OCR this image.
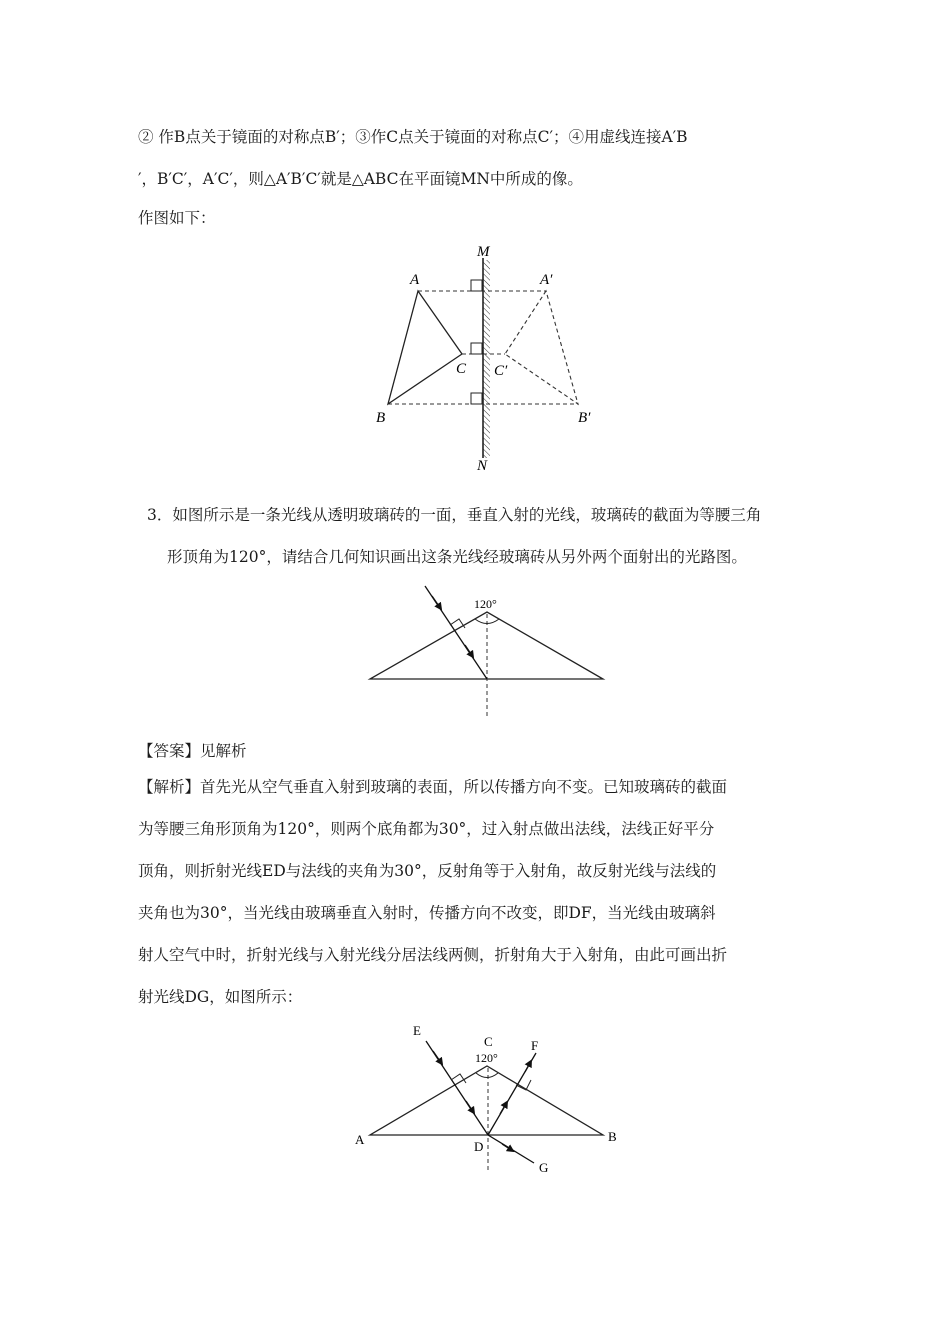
② 作B点关于镜面的对称点B′；③作C点关于镜面的对称点C′；④用虚线连接A′B
′，B′C′，A′C′，则△A′B′C′就是△ABC在平面镜MN中所成的像。
作图如下：
M
N
A
B
C
A′
B′
C′
3．如图所示是一条光线从透明玻璃砖的一面，垂直入射的光线，玻璃砖的截面为等腰三角
形顶角为120°，请结合几何知识画出这条光线经玻璃砖从另外两个面射出的光路图。
120°
【答案】见解析
【解析】首先光从空气垂直入射到玻璃的表面，所以传播方向不变。已知玻璃砖的截面
为等腰三角形顶角为120°，则两个底角都为30°，过入射点做出法线，法线正好平分
顶角，则折射光线ED与法线的夹角为30°，反射角等于入射角，故反射光线与法线的
夹角也为30°，当光线由玻璃垂直入射时，传播方向不改变，即DF，当光线由玻璃斜
射人空气中时，折射光线与入射光线分居法线两侧，折射角大于入射角，由此可画出折
射光线DG，如图所示：
E
C
120°
F
A	B
D
G
